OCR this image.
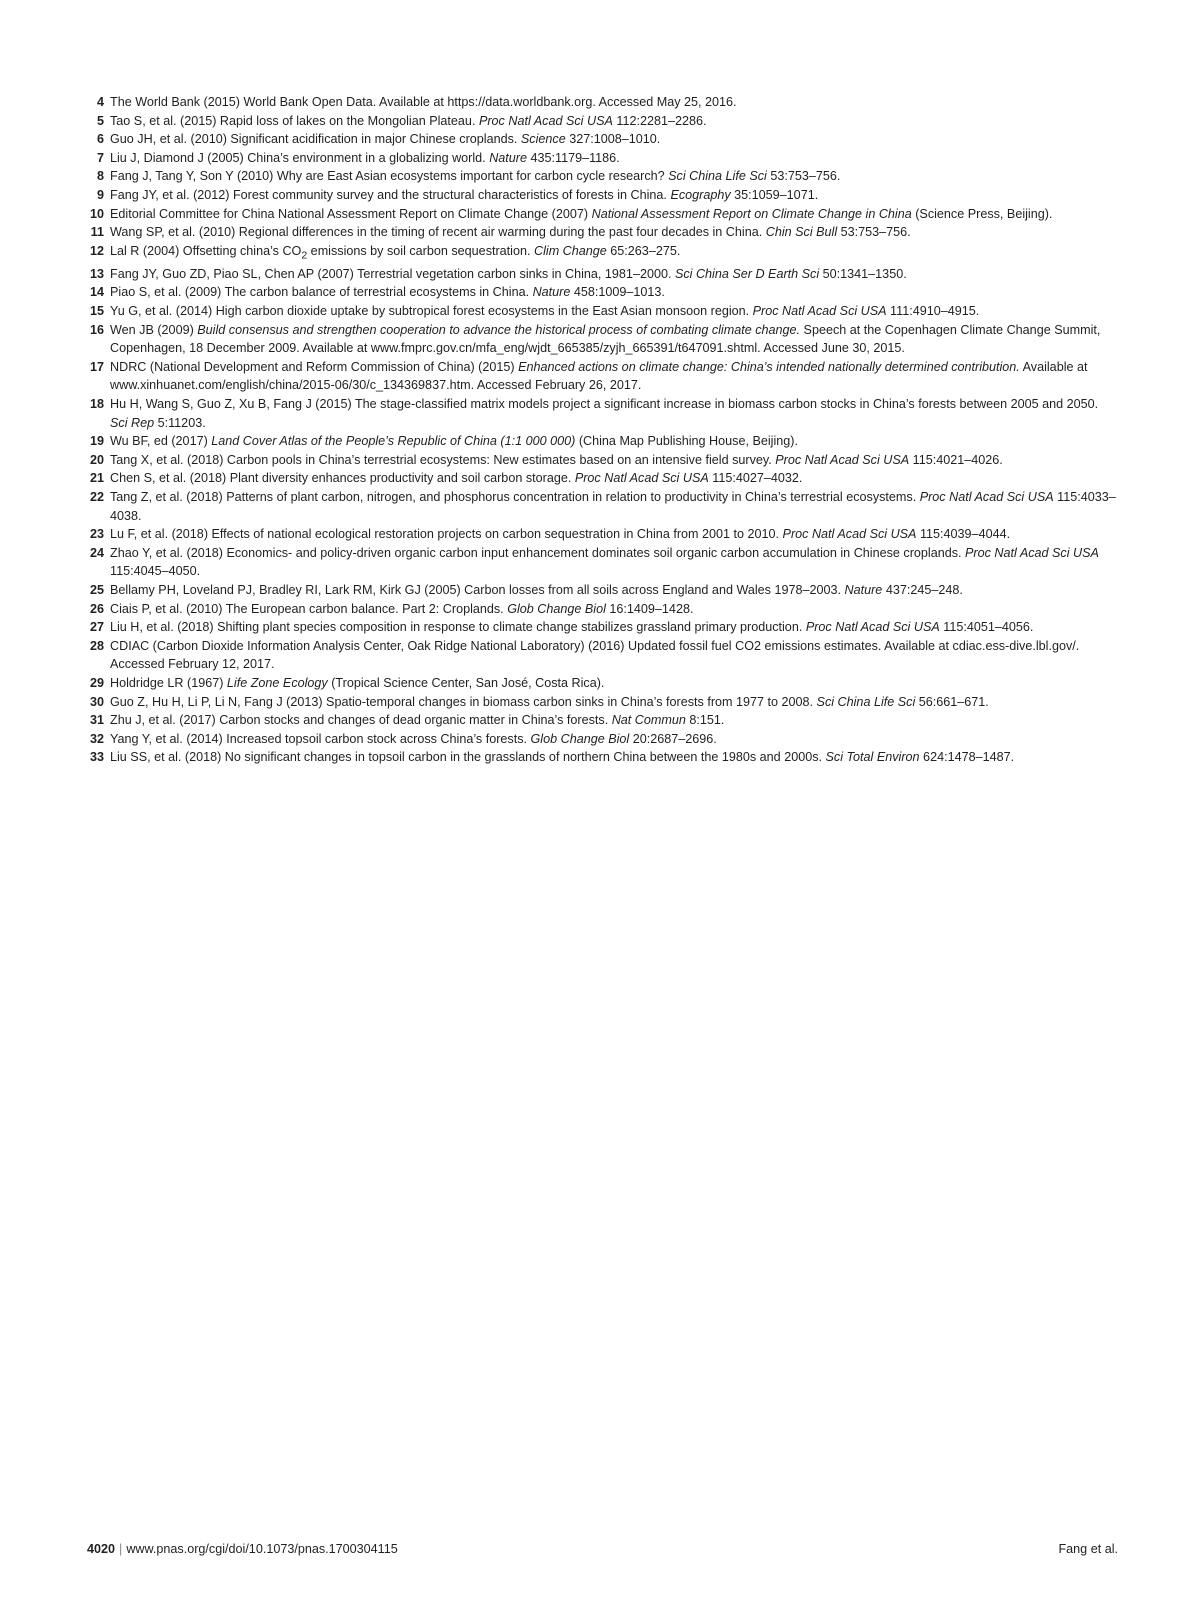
4 The World Bank (2015) World Bank Open Data. Available at https://data.worldbank.org. Accessed May 25, 2016.
5 Tao S, et al. (2015) Rapid loss of lakes on the Mongolian Plateau. Proc Natl Acad Sci USA 112:2281–2286.
6 Guo JH, et al. (2010) Significant acidification in major Chinese croplands. Science 327:1008–1010.
7 Liu J, Diamond J (2005) China’s environment in a globalizing world. Nature 435:1179–1186.
8 Fang J, Tang Y, Son Y (2010) Why are East Asian ecosystems important for carbon cycle research? Sci China Life Sci 53:753–756.
9 Fang JY, et al. (2012) Forest community survey and the structural characteristics of forests in China. Ecography 35:1059–1071.
10 Editorial Committee for China National Assessment Report on Climate Change (2007) National Assessment Report on Climate Change in China (Science Press, Beijing).
11 Wang SP, et al. (2010) Regional differences in the timing of recent air warming during the past four decades in China. Chin Sci Bull 53:753–756.
12 Lal R (2004) Offsetting china’s $CO_2$ emissions by soil carbon sequestration. Clim Change 65:263–275.
13 Fang JY, Guo ZD, Piao SL, Chen AP (2007) Terrestrial vegetation carbon sinks in China, 1981–2000. Sci China Ser D Earth Sci 50:1341–1350.
14 Piao S, et al. (2009) The carbon balance of terrestrial ecosystems in China. Nature 458:1009–1013.
15 Yu G, et al. (2014) High carbon dioxide uptake by subtropical forest ecosystems in the East Asian monsoon region. Proc Natl Acad Sci USA 111:4910–4915.
16 Wen JB (2009) Build consensus and strengthen cooperation to advance the historical process of combating climate change. Speech at the Copenhagen Climate Change Summit, Copenhagen, 18 December 2009. Available at www.fmprc.gov.cn/mfa_eng/wjdt_665385/zyjh_665391/t647091.shtml. Accessed June 30, 2015.
17 NDRC (National Development and Reform Commission of China) (2015) Enhanced actions on climate change: China’s intended nationally determined contribution. Available at www.xinhuanet.com/english/china/2015-06/30/c_134369837.htm. Accessed February 26, 2017.
18 Hu H, Wang S, Guo Z, Xu B, Fang J (2015) The stage-classified matrix models project a significant increase in biomass carbon stocks in China’s forests between 2005 and 2050. Sci Rep 5:11203.
19 Wu BF, ed (2017) Land Cover Atlas of the People’s Republic of China (1:1 000 000) (China Map Publishing House, Beijing).
20 Tang X, et al. (2018) Carbon pools in China’s terrestrial ecosystems: New estimates based on an intensive field survey. Proc Natl Acad Sci USA 115:4021–4026.
21 Chen S, et al. (2018) Plant diversity enhances productivity and soil carbon storage. Proc Natl Acad Sci USA 115:4027–4032.
22 Tang Z, et al. (2018) Patterns of plant carbon, nitrogen, and phosphorus concentration in relation to productivity in China’s terrestrial ecosystems. Proc Natl Acad Sci USA 115:4033–4038.
23 Lu F, et al. (2018) Effects of national ecological restoration projects on carbon sequestration in China from 2001 to 2010. Proc Natl Acad Sci USA 115:4039–4044.
24 Zhao Y, et al. (2018) Economics- and policy-driven organic carbon input enhancement dominates soil organic carbon accumulation in Chinese croplands. Proc Natl Acad Sci USA 115:4045–4050.
25 Bellamy PH, Loveland PJ, Bradley RI, Lark RM, Kirk GJ (2005) Carbon losses from all soils across England and Wales 1978–2003. Nature 437:245–248.
26 Ciais P, et al. (2010) The European carbon balance. Part 2: Croplands. Glob Change Biol 16:1409–1428.
27 Liu H, et al. (2018) Shifting plant species composition in response to climate change stabilizes grassland primary production. Proc Natl Acad Sci USA 115:4051–4056.
28 CDIAC (Carbon Dioxide Information Analysis Center, Oak Ridge National Laboratory) (2016) Updated fossil fuel CO2 emissions estimates. Available at cdiac.ess-dive.lbl.gov/. Accessed February 12, 2017.
29 Holdridge LR (1967) Life Zone Ecology (Tropical Science Center, San José, Costa Rica).
30 Guo Z, Hu H, Li P, Li N, Fang J (2013) Spatio-temporal changes in biomass carbon sinks in China’s forests from 1977 to 2008. Sci China Life Sci 56:661–671.
31 Zhu J, et al. (2017) Carbon stocks and changes of dead organic matter in China’s forests. Nat Commun 8:151.
32 Yang Y, et al. (2014) Increased topsoil carbon stock across China’s forests. Glob Change Biol 20:2687–2696.
33 Liu SS, et al. (2018) No significant changes in topsoil carbon in the grasslands of northern China between the 1980s and 2000s. Sci Total Environ 624:1478–1487.
4020 | www.pnas.org/cgi/doi/10.1073/pnas.1700304115	Fang et al.
